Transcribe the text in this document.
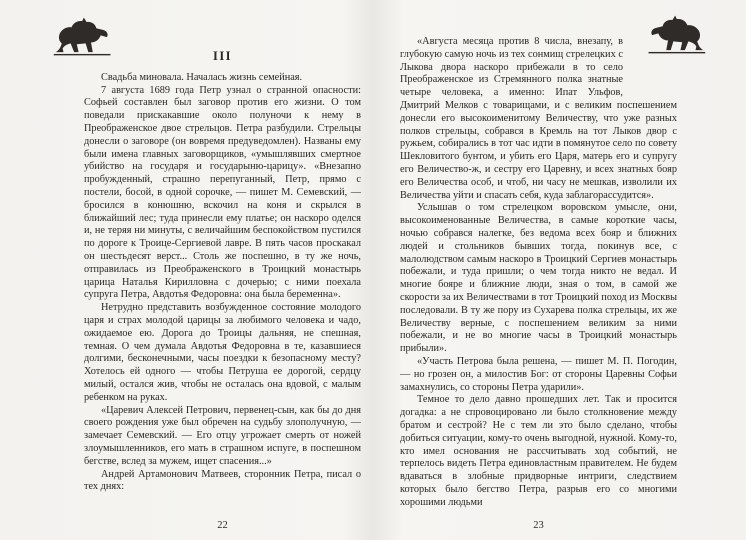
III

Свадьба миновала. Началась жизнь семейная.

7 августа 1689 года Петр узнал о странной опасности: Софьей составлен был заговор против его жизни. О том поведали прискакавшие около полуночи к нему в Преображенское двое стрельцов. Петра разбудили. Стрельцы донесли о заговоре (он вовремя предуведомлен). Названы ему были имена главных заговорщиков, «умышлявших смертное убийство на государя и государыню-царицу». «Внезапно пробужденный, страшно перепуганный, Петр, прямо с постели, босой, в одной сорочке, — пишет М. Семевский, — бросился в конюшню, вскочил на коня и скрылся в ближайший лес; туда принесли ему платье; он наскоро оделся и, не теряя ни минуты, с величайшим беспокойством пустился по дороге к Троице-Сергиевой лавре. В пять часов проскакал он шестьдесят верст... Столь же поспешно, в ту же ночь, отправилась из Преображенского в Троицкий монастырь царица Наталья Кирилловна с дочерью; с ними поехала супруга Петра, Авдотья Федоровна: она была беременна».

Нетрудно представить возбужденное состояние молодого царя и страх молодой царицы за любимого человека и чадо, ожидаемое ею. Дорога до Троицы дальняя, не спешная, темная. О чем думала Авдотья Федоровна в те, казавшиеся долгими, бесконечными, часы поездки к безопасному месту? Хотелось ей одного — чтобы Петруша ее дорогой, сердцу милый, остался жив, чтобы не осталась она вдовой, с малым ребенком на руках.

«Царевич Алексей Петрович, первенец-сын, как бы до дня своего рождения уже был обречен на судьбу злополучную, — замечает Семевский. — Его отцу угрожает смерть от ножей злоумышленников, его мать в страшном испуге, в поспешном бегстве, вслед за мужем, ищет спасения...»

Андрей Артамонович Матвеев, сторонник Петра, писал о тех днях:

22

«Августа месяца против 8 числа, внезапу, в глубокую самую ночь из тех сонмищ стрелецких с Лыкова двора наскоро прибежали в то село Преображенское из Стремянного полка знатные четыре человека, а именно: Ипат Ульфов, Дмитрий Мелков с товарищами, и с великим поспешением донесли его высокоименитому Величеству, что уже разных полков стрельцы, собрався в Кремль на тот Лыков двор с ружьем, собирались в тот час идти в помянутое село по совету Шекловитого бунтом, и убить его Царя, матерь его и супругу его Величество-ж, и сестру его Царевну, и всех знатных бояр его Величества особ, и чтоб, ни часу не мешкав, изволили их Величества уйти и спасать себя, куда заблагорассудится».

Услышав о том стрелецком воровском умысле, они, высокоименованные Величества, в самые короткие часы, ночью собрався налегке, без ведома всех бояр и ближних людей и стольников бывших тогда, покинув все, с малолюдством самым наскоро в Троицкий Сергиев монастырь побежали, и туда пришли; о чем тогда никто не ведал. И многие бояре и ближние люди, зная о том, в самой же скорости за их Величествами в тот Троицкий поход из Москвы последовали. В ту же пору из Сухарева полка стрельцы, их же Величеству верные, с поспешением великим за ними побежали, и не во многие часы в Троицкий монастырь прибыли».

«Участь Петрова была решена, — пишет М. П. Погодин, — но грозен он, а милостив Бог: от стороны Царевны Софьи замахнулись, со стороны Петра ударили».

Темное то дело давно прошедших лет. Так и просится догадка: а не спровоцировано ли было столкновение между братом и сестрой? Не с тем ли это было сделано, чтобы добиться ситуации, кому-то очень выгодной, нужной. Кому-то, кто имел основания не рассчитывать ход событий, не терпелось видеть Петра единовластным правителем. Не будем вдаваться в злобные придворные интриги, следствием которых было бегство Петра, разрыв его со многими хорошими людьми

23
